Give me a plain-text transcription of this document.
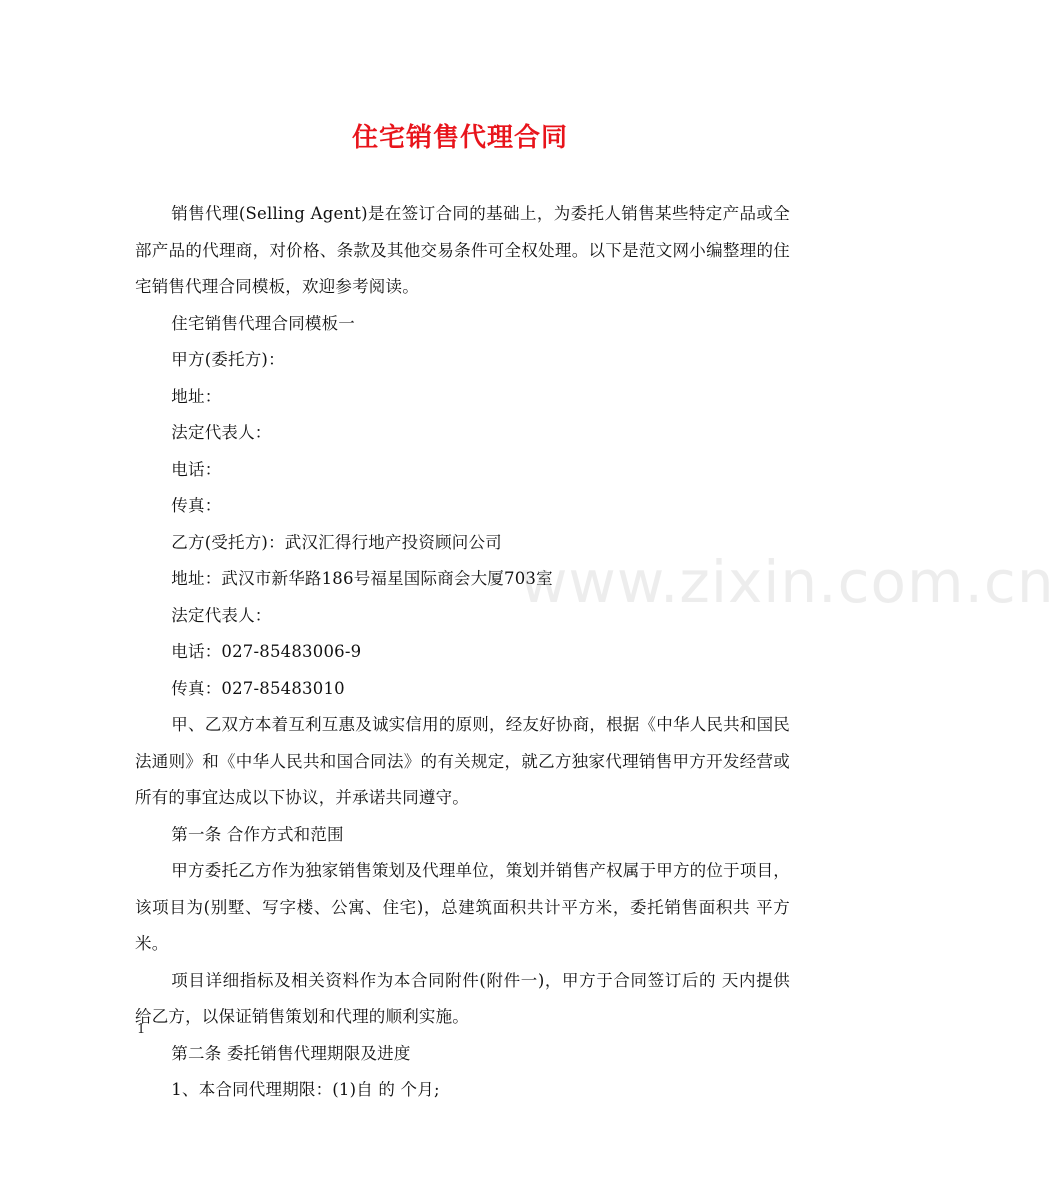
住宅销售代理合同

销售代理(Selling Agent)是在签订合同的基础上，为委托人销售某些特定产品或全部产品的代理商，对价格、条款及其他交易条件可全权处理。以下是范文网小编整理的住宅销售代理合同模板，欢迎参考阅读。

住宅销售代理合同模板一

甲方(委托方)：

地址：

法定代表人：

电话：

传真：

乙方(受托方)：武汉汇得行地产投资顾问公司

地址：武汉市新华路186号福星国际商会大厦703室

法定代表人：

电话：027-85483006-9

传真：027-85483010

甲、乙双方本着互利互惠及诚实信用的原则，经友好协商，根据《中华人民共和国民法通则》和《中华人民共和国合同法》的有关规定，就乙方独家代理销售甲方开发经营或所有的事宜达成以下协议，并承诺共同遵守。

第一条 合作方式和范围

甲方委托乙方作为独家销售策划及代理单位，策划并销售产权属于甲方的位于项目，该项目为(别墅、写字楼、公寓、住宅)，总建筑面积共计平方米，委托销售面积共 平方米。

项目详细指标及相关资料作为本合同附件(附件一)，甲方于合同签订后的 天内提供给乙方，以保证销售策划和代理的顺利实施。

第二条 委托销售代理期限及进度

1、本合同代理期限：(1)自 的 个月;

www.zixin.com.cn
1
